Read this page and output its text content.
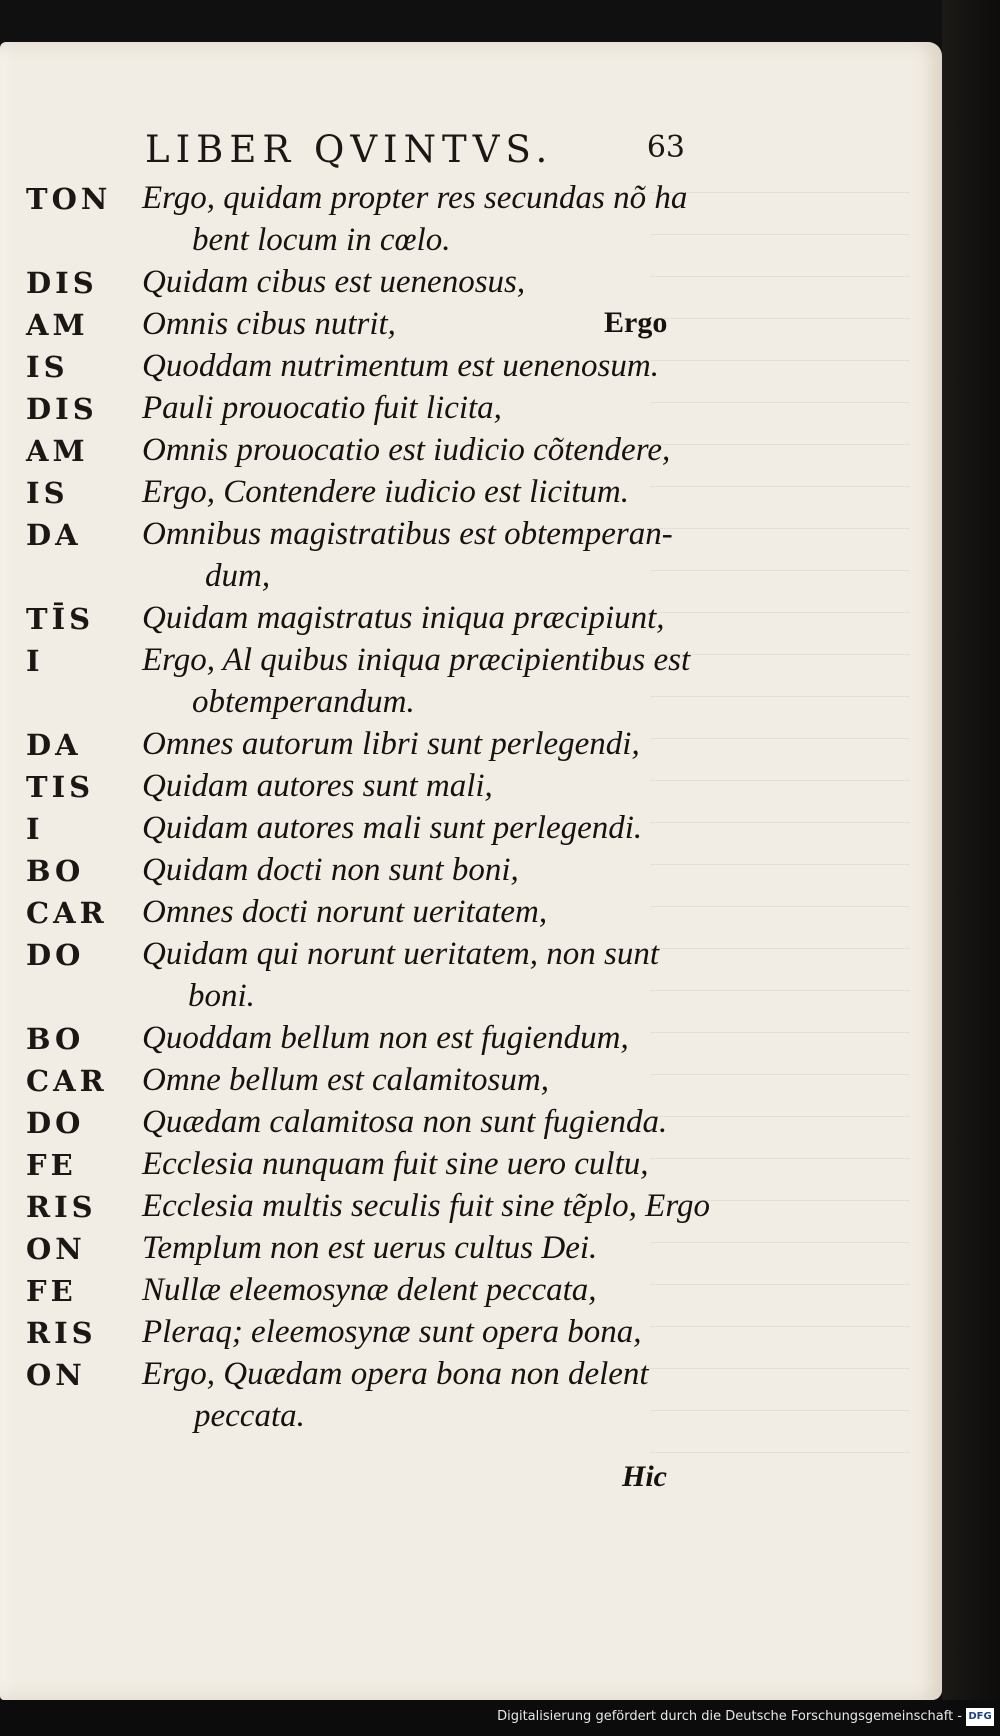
LIBER QVINTVS.	63
TON Ergo, quidam propter res secundas nõ ha
bent locum in cœlo.
DIS	Quidam cibus est uenenosus,
AM	Omnis cibus nutrit,	Ergo
IS	Quoddam nutrimentum est uenenosum.
DIS	Pauli prouocatio fuit licita,
AM	Omnis prouocatio est iudicio cõtendere,
IS	Ergo, Contendere iudicio est licitum.
DA	Omnibus magistratibus est obtemperan-
dum,
TĪS	Quidam magistratus iniqua præcipiunt,
I	Ergo, Al quibus iniqua præcipientibus est
obtemperandum.
DA	Omnes autorum libri sunt perlegendi,
TIS	Quidam autores sunt mali,
I	Quidam autores mali sunt perlegendi.
BO	Quidam docti non sunt boni,
CAR	Omnes docti norunt ueritatem,
DO	Quidam qui norunt ueritatem, non sunt
boni.
BO	Quoddam bellum non est fugiendum,
CAR	Omne bellum est calamitosum,
DO	Quædam calamitosa non sunt fugienda.
FE	Ecclesia nunquam fuit sine uero cultu,
RIS	Ecclesia multis seculis fuit sine tẽplo, Ergo
ON	Templum non est uerus cultus Dei.
FE	Nullæ eleemosynæ delent peccata,
RIS	Pleraq; eleemosynæ sunt opera bona,
ON	Ergo, Quædam opera bona non delent
peccata.
Hic
Digitalisierung gefördert durch die Deutsche Forschungsgemeinschaft - DFG
